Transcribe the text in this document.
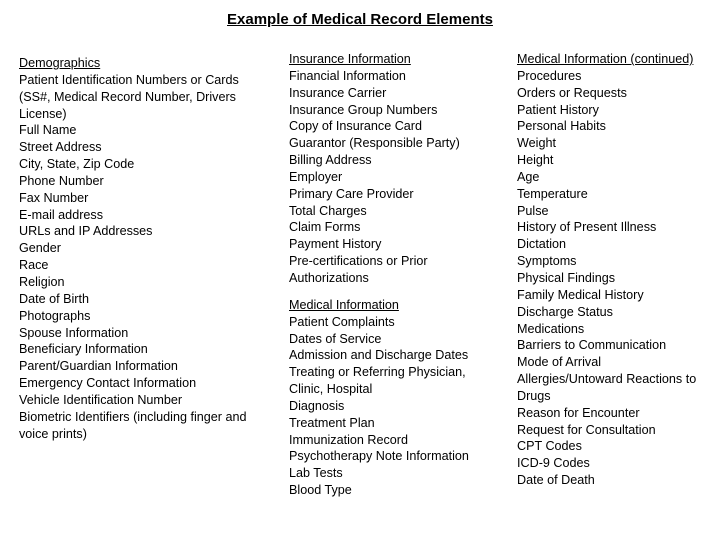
Example of Medical Record Elements
Demographics
Patient Identification Numbers or Cards
(SS#, Medical Record Number, Drivers
License)
Full Name
Street Address
City, State, Zip Code
Phone Number
Fax Number
E-mail address
URLs and IP Addresses
Gender
Race
Religion
Date of Birth
Photographs
Spouse Information
Beneficiary Information
Parent/Guardian Information
Emergency Contact Information
Vehicle Identification Number
Biometric Identifiers (including finger and
voice prints)
Insurance Information
Financial Information
Insurance Carrier
Insurance Group Numbers
Copy of Insurance Card
Guarantor (Responsible Party)
Billing Address
Employer
Primary Care Provider
Total Charges
Claim Forms
Payment History
Pre-certifications or Prior
Authorizations
Medical Information
Patient Complaints
Dates of Service
Admission and Discharge Dates
Treating or Referring Physician,
Clinic, Hospital
Diagnosis
Treatment Plan
Immunization Record
Psychotherapy Note Information
Lab Tests
Blood Type
Medical Information (continued)
Procedures
Orders or Requests
Patient History
Personal Habits
Weight
Height
Age
Temperature
Pulse
History of Present Illness
Dictation
Symptoms
Physical Findings
Family Medical History
Discharge Status
Medications
Barriers to Communication
Mode of Arrival
Allergies/Untoward Reactions to
Drugs
Reason for Encounter
Request for Consultation
CPT Codes
ICD-9 Codes
Date of Death
